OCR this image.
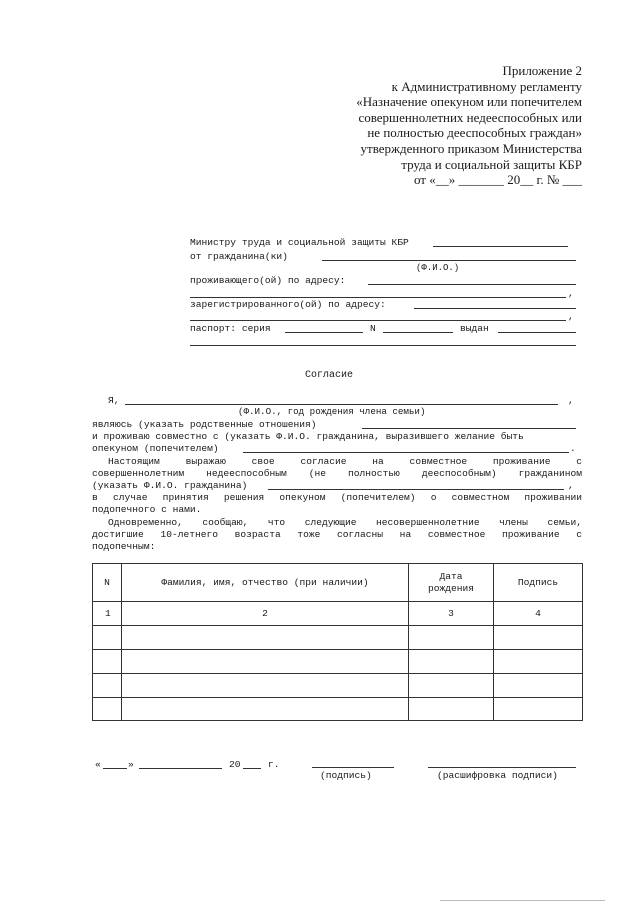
Приложение 2
к Административному регламенту
«Назначение опекуном или попечителем
совершеннолетних недееспособных или
не полностью дееспособных граждан»
утвержденного приказом Министерства
труда и социальной защиты КБР
от «__» _______ 20__ г. № ___
Министру труда и социальной защиты КБР
от гражданина(ки)
(Ф.И.О.)
проживающего(ой) по адресу:
,
зарегистрированного(ой) по адресу:
,
паспорт: серия	N	выдан
Согласие
Я,	,
(Ф.И.О., год рождения члена семьи)
являюсь (указать родственные отношения)
и проживаю совместно с (указать Ф.И.О. гражданина, выразившего желание быть
опекуном (попечителем)	.
Настоящим выражаю свое согласие на совместное проживание с
совершеннолетним недееспособным (не полностью дееспособным) гражданином
(указать Ф.И.О. гражданина)	,
в случае принятия решения опекуном (попечителем) о совместном проживании
подопечного с нами.
Одновременно, сообщаю, что следующие несовершеннолетние члены семьи,
достигшие 10-летнего возраста тоже согласны на совместное проживание с
подопечным:
N	Фамилия, имя, отчество (при наличии)	Дата рождения	Подпись
1	2	3	4

«	»	20	г.
(подпись)	(расшифровка подписи)
